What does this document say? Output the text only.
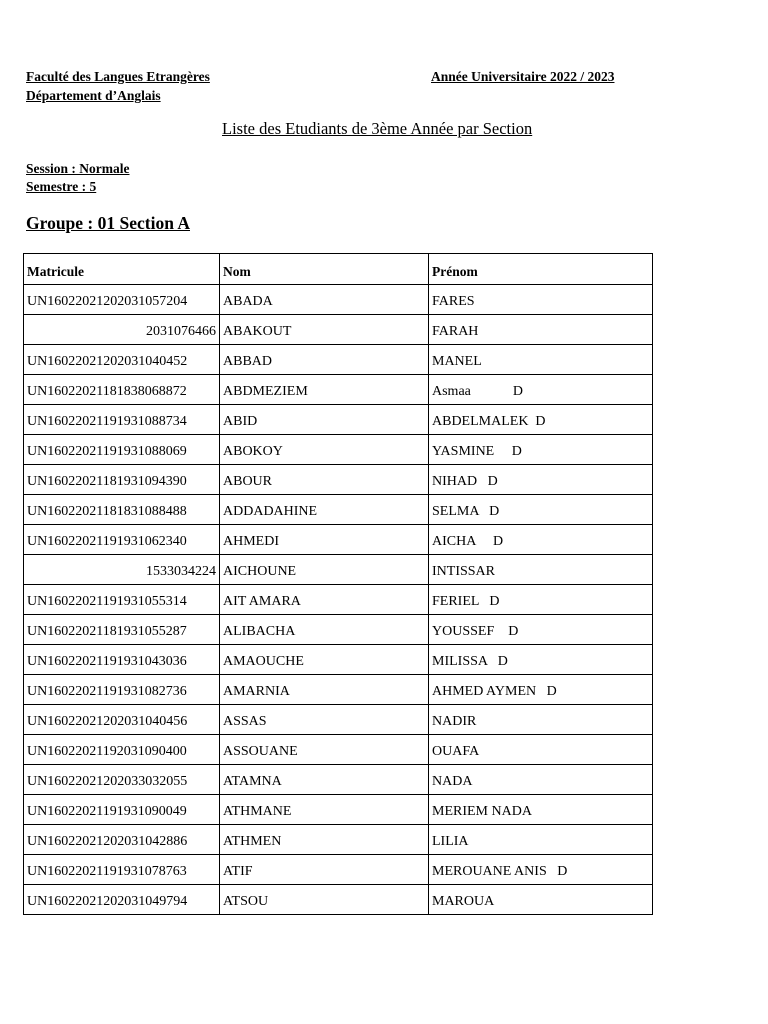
Faculté des Langues Etrangères
Département d’Anglais
Année Universitaire 2022 / 2023
Liste des Etudiants de 3ème Année par Section
Session : Normale
Semestre : 5
Groupe : 01 Section A
Matricule	Nom	Prénom
UN16022021202031057204	ABADA	FARES
2031076466	ABAKOUT	FARAH
UN16022021202031040452	ABBAD	MANEL
UN16022021181838068872	ABDMEZIEM	Asmaa            D
UN16022021191931088734	ABID	ABDELMALEK  D
UN16022021191931088069	ABOKOY	YASMINE     D
UN16022021181931094390	ABOUR	NIHAD   D
UN16022021181831088488	ADDADAHINE	SELMA   D
UN16022021191931062340	AHMEDI	AICHA     D
1533034224	AICHOUNE	INTISSAR
UN16022021191931055314	AIT AMARA	FERIEL   D
UN16022021181931055287	ALIBACHA	YOUSSEF    D
UN16022021191931043036	AMAOUCHE	MILISSA   D
UN16022021191931082736	AMARNIA	AHMED AYMEN   D
UN16022021202031040456	ASSAS	NADIR
UN16022021192031090400	ASSOUANE	OUAFA
UN16022021202033032055	ATAMNA	NADA
UN16022021191931090049	ATHMANE	MERIEM NADA
UN16022021202031042886	ATHMEN	LILIA
UN16022021191931078763	ATIF	MEROUANE ANIS   D
UN16022021202031049794	ATSOU	MAROUA
